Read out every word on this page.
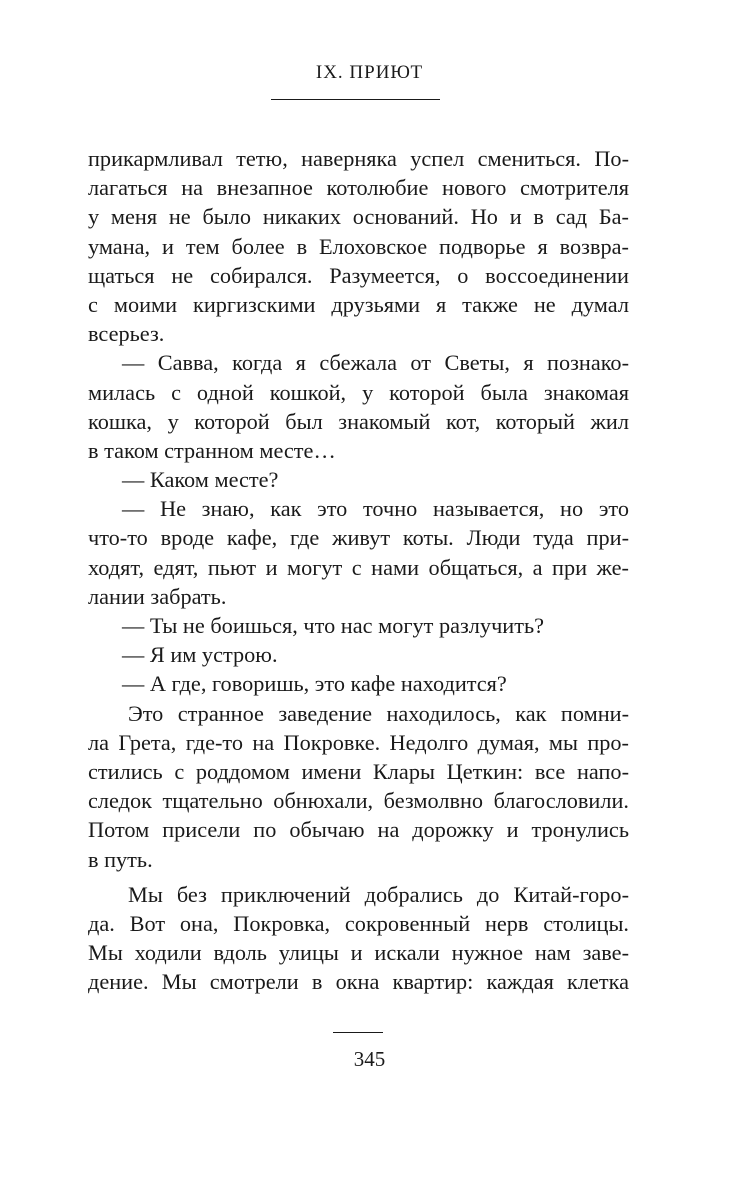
IX. ПРИЮТ
прикармливал тетю, наверняка успел смениться. По-
лагаться на внезапное котолюбие нового смотрителя
у меня не было никаких оснований. Но и в сад Ба-
умана, и тем более в Елоховское подворье я возвра-
щаться не собирался. Разумеется, о воссоединении
с моими киргизскими друзьями я также не думал
всерьез.
— Савва, когда я сбежала от Светы, я познако-
милась с одной кошкой, у которой была знакомая
кошка, у которой был знакомый кот, который жил
в таком странном месте…
— Каком месте?
— Не знаю, как это точно называется, но это
что-то вроде кафе, где живут коты. Люди туда при-
ходят, едят, пьют и могут с нами общаться, а при же-
лании забрать.
— Ты не боишься, что нас могут разлучить?
— Я им устрою.
— А где, говоришь, это кафе находится?
Это странное заведение находилось, как помни-
ла Грета, где-то на Покровке. Недолго думая, мы про-
стились с роддомом имени Клары Цеткин: все напо-
следок тщательно обнюхали, безмолвно благословили.
Потом присели по обычаю на дорожку и тронулись
в путь.
Мы без приключений добрались до Китай-горо-
да. Вот она, Покровка, сокровенный нерв столицы.
Мы ходили вдоль улицы и искали нужное нам заве-
дение. Мы смотрели в окна квартир: каждая клетка
345
